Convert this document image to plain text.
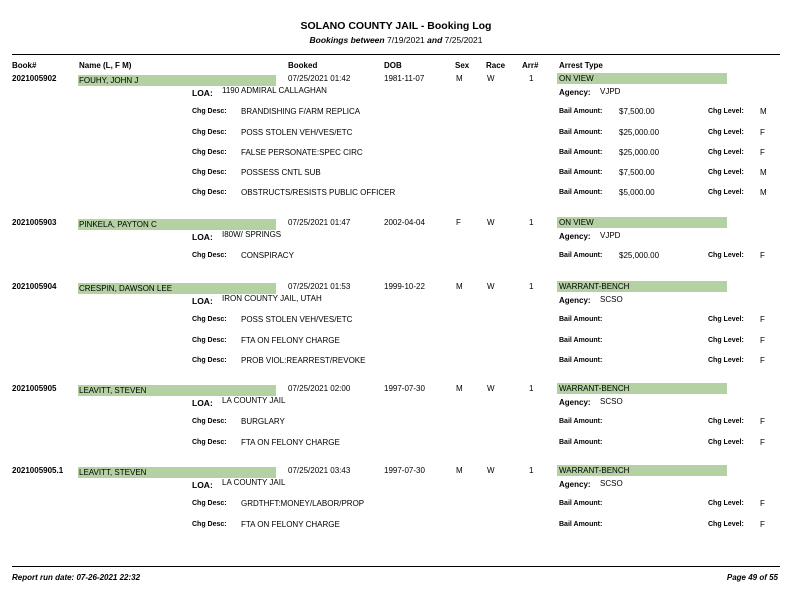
SOLANO COUNTY JAIL - Booking Log
Bookings between 7/19/2021 and 7/25/2021
Book#	Name (L, F M)	Booked	DOB	Sex Race Arr#	Arrest Type
2021005902	FOUHY, JOHN J	07/25/2021 01:42	1981-11-07	M	W	1	ON VIEW
LOA: 1190 ADMIRAL CALLAGHAN	Agency: VJPD
Chg Desc: BRANDISHING F/ARM REPLICA	Bail Amount: $7,500.00	Chg Level: M
Chg Desc: POSS STOLEN VEH/VES/ETC	Bail Amount: $25,000.00	Chg Level: F
Chg Desc: FALSE PERSONATE:SPEC CIRC	Bail Amount: $25,000.00	Chg Level: F
Chg Desc: POSSESS CNTL SUB	Bail Amount: $7,500.00	Chg Level: M
Chg Desc: OBSTRUCTS/RESISTS PUBLIC OFFICER	Bail Amount: $5,000.00	Chg Level: M
2021005903	PINKELA, PAYTON C	07/25/2021 01:47	2002-04-04	F	W	1	ON VIEW
LOA: I80W/ SPRINGS	Agency: VJPD
Chg Desc: CONSPIRACY	Bail Amount: $25,000.00	Chg Level: F
2021005904	CRESPIN, DAWSON LEE	07/25/2021 01:53	1999-10-22	M	W	1	WARRANT-BENCH
LOA: IRON COUNTY JAIL, UTAH	Agency: SCSO
Chg Desc: POSS STOLEN VEH/VES/ETC	Bail Amount:	Chg Level: F
Chg Desc: FTA ON FELONY CHARGE	Bail Amount:	Chg Level: F
Chg Desc: PROB VIOL:REARREST/REVOKE	Bail Amount:	Chg Level: F
2021005905	LEAVITT, STEVEN	07/25/2021 02:00	1997-07-30	M	W	1	WARRANT-BENCH
LOA: LA COUNTY JAIL	Agency: SCSO
Chg Desc: BURGLARY	Bail Amount:	Chg Level: F
Chg Desc: FTA ON FELONY CHARGE	Bail Amount:	Chg Level: F
2021005905.1 LEAVITT, STEVEN	07/25/2021 03:43	1997-07-30	M	W	1	WARRANT-BENCH
LOA: LA COUNTY JAIL	Agency: SCSO
Chg Desc: GRDTHFT:MONEY/LABOR/PROP	Bail Amount:	Chg Level: F
Chg Desc: FTA ON FELONY CHARGE	Bail Amount:	Chg Level: F
Report run date: 07-26-2021 22:32	Page 49 of 55
